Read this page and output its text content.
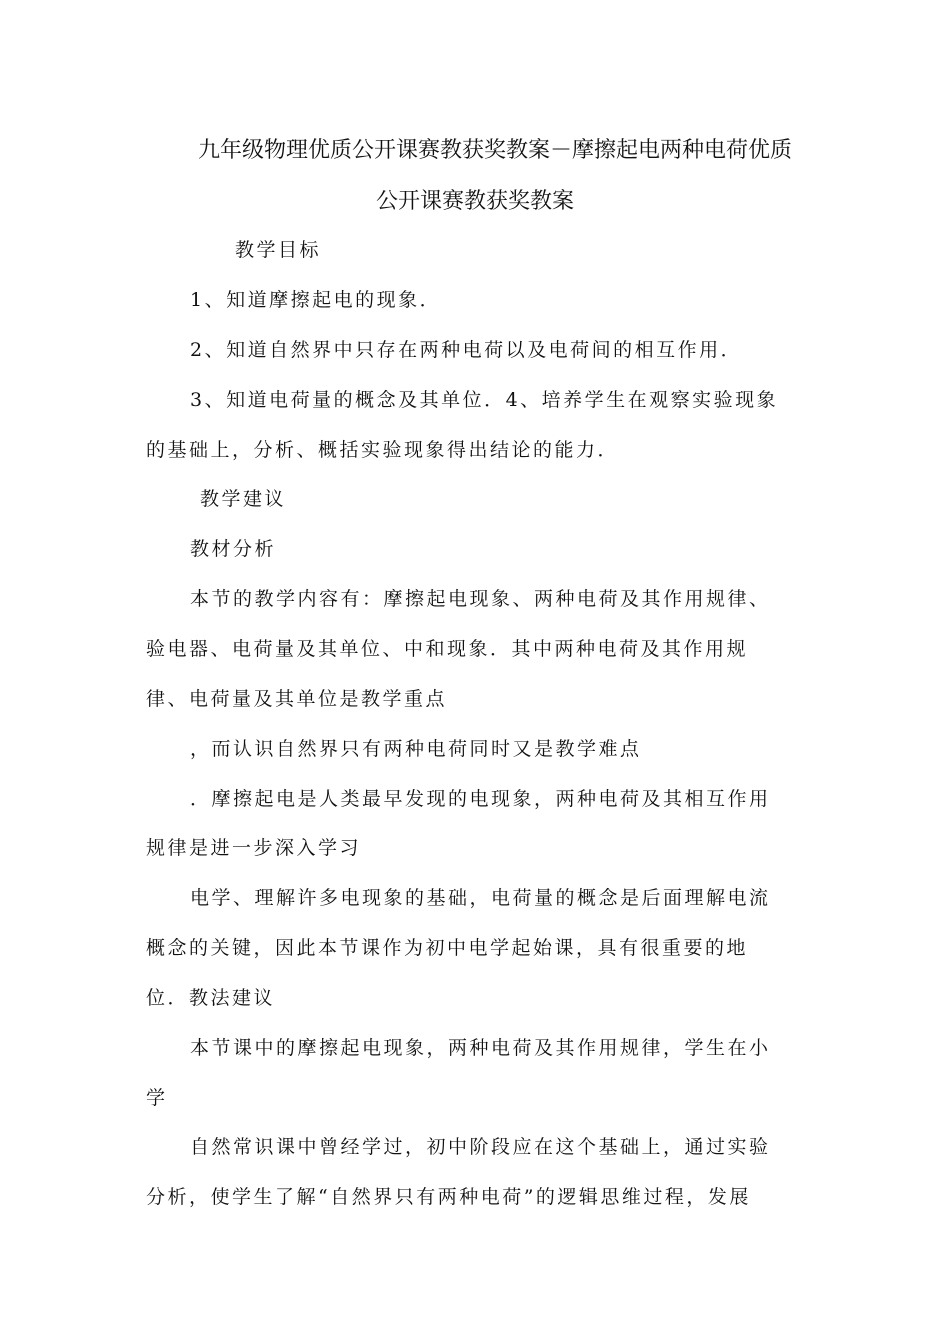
九年级物理优质公开课赛教获奖教案－摩擦起电两种电荷优质
公开课赛教获奖教案
教学目标
1、知道摩擦起电的现象．
2、知道自然界中只存在两种电荷以及电荷间的相互作用．
3、知道电荷量的概念及其单位．4、培养学生在观察实验现象
的基础上，分析、概括实验现象得出结论的能力．
教学建议
教材分析
本节的教学内容有：摩擦起电现象、两种电荷及其作用规律、
验电器、电荷量及其单位、中和现象．其中两种电荷及其作用规
律、电荷量及其单位是教学重点
，而认识自然界只有两种电荷同时又是教学难点
．摩擦起电是人类最早发现的电现象，两种电荷及其相互作用
规律是进一步深入学习
电学、理解许多电现象的基础，电荷量的概念是后面理解电流
概念的关键，因此本节课作为初中电学起始课，具有很重要的地
位．教法建议
本节课中的摩擦起电现象，两种电荷及其作用规律，学生在小
学
自然常识课中曾经学过，初中阶段应在这个基础上，通过实验
分析，使学生了解“自然界只有两种电荷”的逻辑思维过程，发展
